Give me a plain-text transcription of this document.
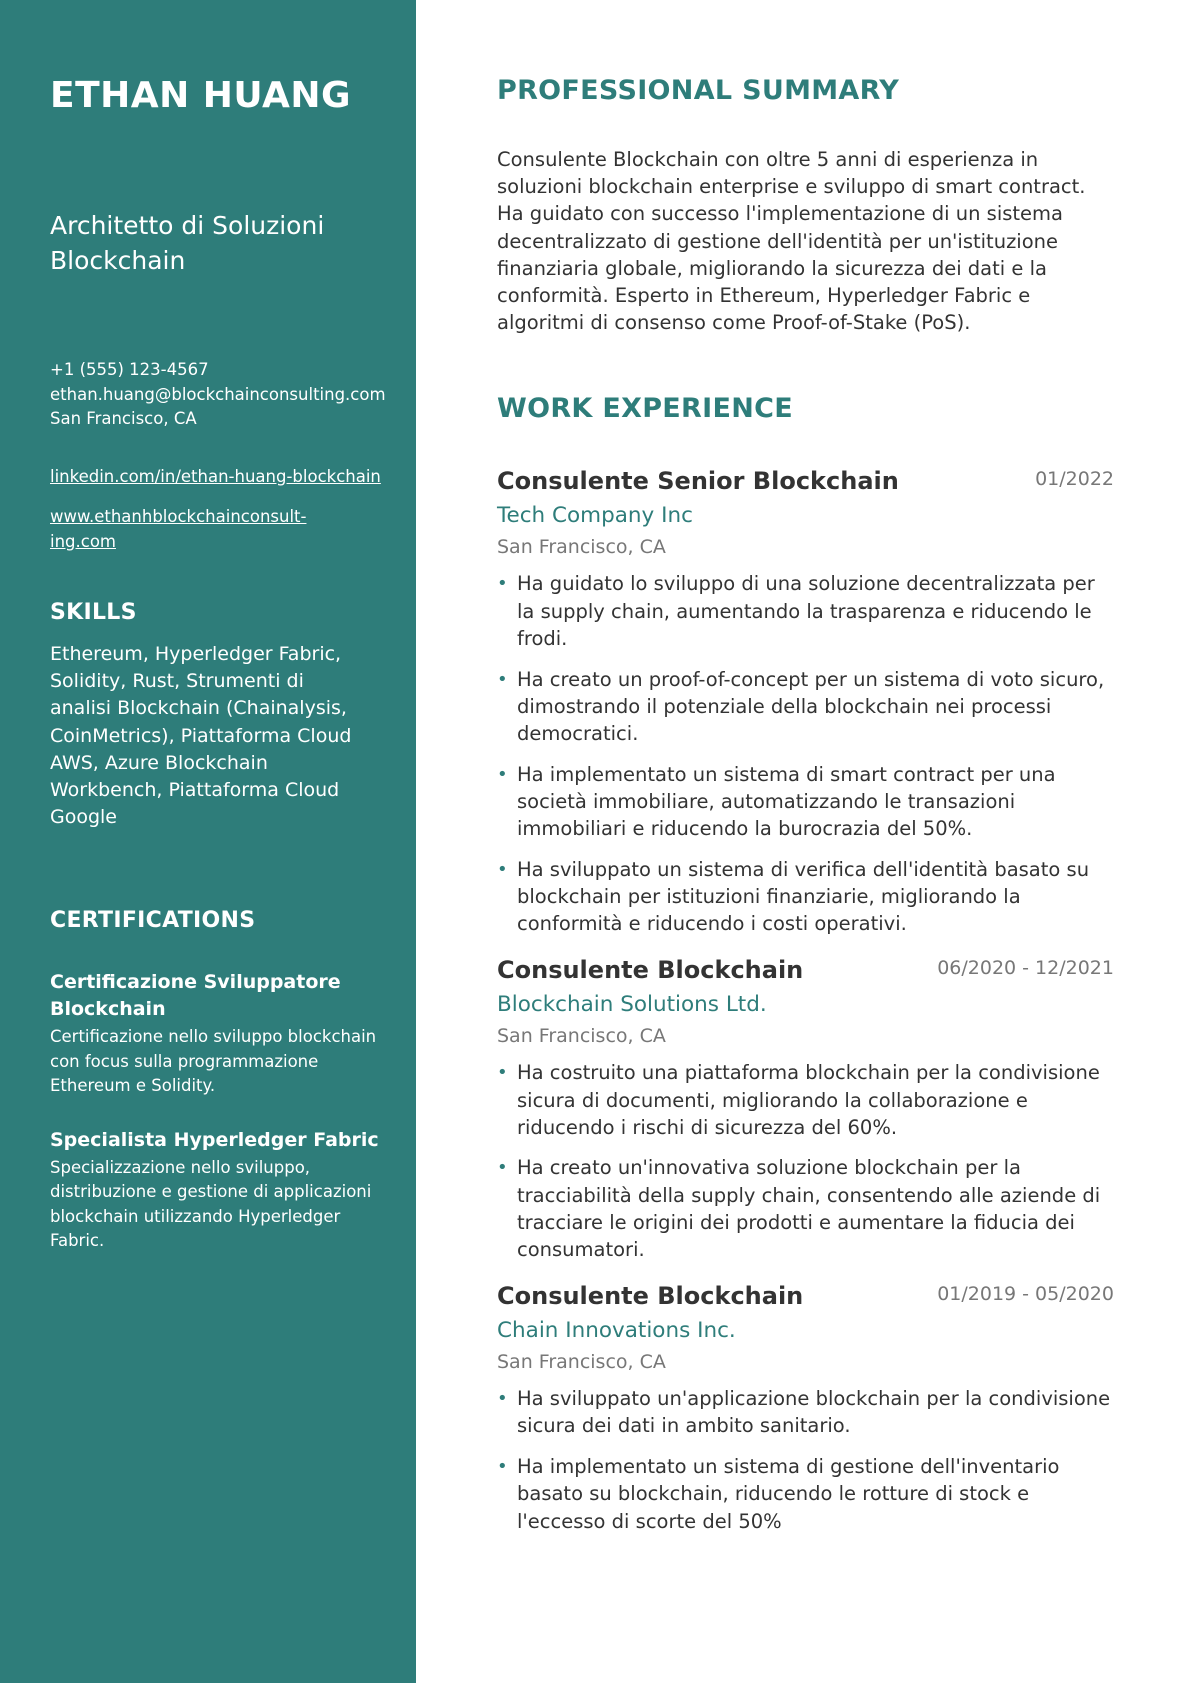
ETHAN HUANG
Architetto di Soluzioni Blockchain
+1 (555) 123-4567
ethan.huang@blockchainconsulting.com
San Francisco, CA
linkedin.com/in/ethan-huang-blockchain
www.ethanhblockchainconsult-ing.com
SKILLS

Ethereum, Hyperledger Fabric, Solidity, Rust, Strumenti di analisi Blockchain (Chainalysis, CoinMetrics), Piattaforma Cloud AWS, Azure Blockchain Workbench, Piattaforma Cloud Google

CERTIFICATIONS
Certificazione Sviluppatore Blockchain
Certificazione nello sviluppo blockchain con focus sulla programmazione Ethereum e Solidity.
Specialista Hyperledger Fabric
Specializzazione nello sviluppo, distribuzione e gestione di applicazioni blockchain utilizzando Hyperledger Fabric.
PROFESSIONAL SUMMARY

Consulente Blockchain con oltre 5 anni di esperienza in soluzioni blockchain enterprise e sviluppo di smart contract. Ha guidato con successo l'implementazione di un sistema decentralizzato di gestione dell'identità per un'istituzione finanziaria globale, migliorando la sicurezza dei dati e la conformità. Esperto in Ethereum, Hyperledger Fabric e algoritmi di consenso come Proof-of-Stake (PoS).

WORK EXPERIENCE
Consulente Senior Blockchain	01/2022
Tech Company Inc
San Francisco, CA
• Ha guidato lo sviluppo di una soluzione decentralizzata per la supply chain, aumentando la trasparenza e riducendo le frodi.
• Ha creato un proof-of-concept per un sistema di voto sicuro, dimostrando il potenziale della blockchain nei processi democratici.
• Ha implementato un sistema di smart contract per una società immobiliare, automatizzando le transazioni immobiliari e riducendo la burocrazia del 50%.
• Ha sviluppato un sistema di verifica dell'identità basato su blockchain per istituzioni finanziarie, migliorando la conformità e riducendo i costi operativi.
Consulente Blockchain	06/2020 - 12/2021
Blockchain Solutions Ltd.
San Francisco, CA
• Ha costruito una piattaforma blockchain per la condivisione sicura di documenti, migliorando la collaborazione e riducendo i rischi di sicurezza del 60%.
• Ha creato un'innovativa soluzione blockchain per la tracciabilità della supply chain, consentendo alle aziende di tracciare le origini dei prodotti e aumentare la fiducia dei consumatori.
Consulente Blockchain	01/2019 - 05/2020
Chain Innovations Inc.
San Francisco, CA
• Ha sviluppato un'applicazione blockchain per la condivisione sicura dei dati in ambito sanitario.
• Ha implementato un sistema di gestione dell'inventario basato su blockchain, riducendo le rotture di stock e l'eccesso di scorte del 50%
